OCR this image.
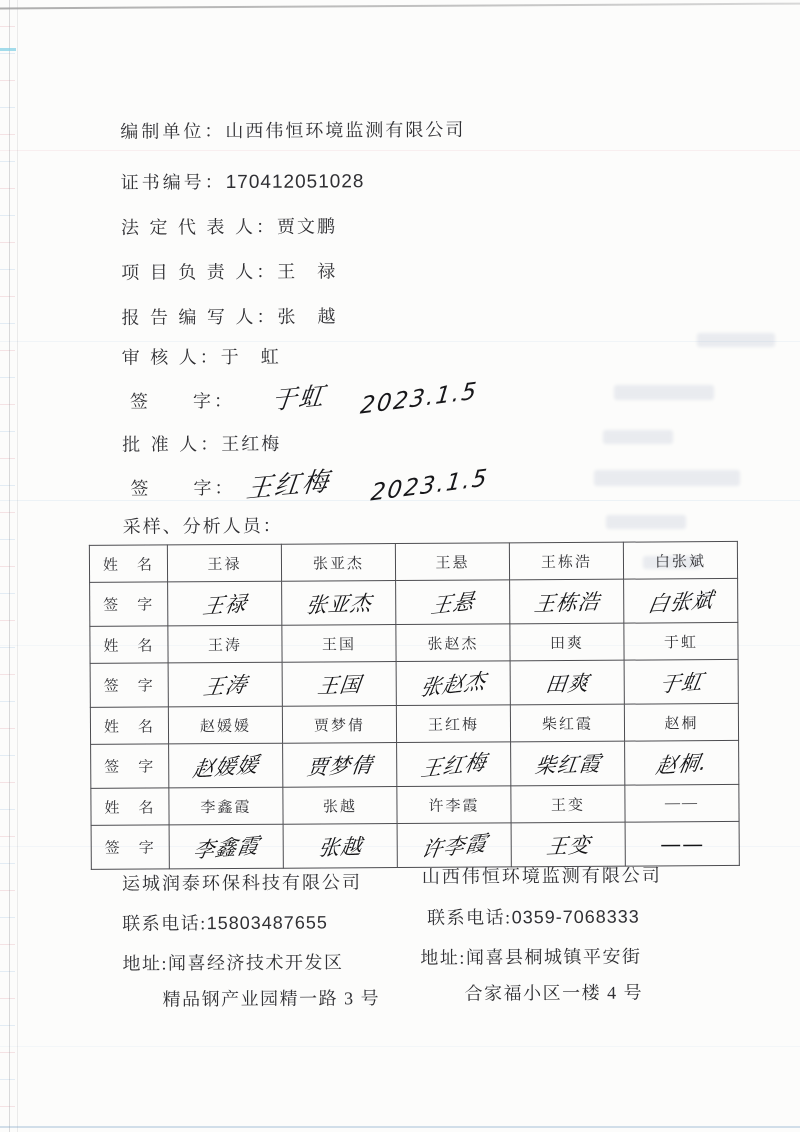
编制单位：山西伟恒环境监测有限公司
证书编号：170412051028
法 定 代 表 人：贾文鹏
项 目 负 责 人：王　禄
报 告 编 写 人：张　越
审 核 人：于　虹
签　　字： 于虹 2023.1.5
批 准 人：王红梅
签　　字： 王红梅 2023.1.5
采样、分析人员：
姓　名	王禄	张亚杰	王悬	王栋浩	白张斌
签　字	王禄	张亚杰	王悬	王栋浩	白张斌
姓　名	王涛	王国	张赵杰	田爽	于虹
签　字	王涛	王国	张赵杰	田爽	于虹
姓　名	赵媛媛	贾梦倩	王红梅	柴红霞	赵桐
签　字	赵媛媛	贾梦倩	王红梅	柴红霞	赵桐.
姓　名	李鑫霞	张越	许李霞	王变	——
签　字	李鑫霞	张越	许李霞	王变	——
运城润泰环保科技有限公司
联系电话:15803487655
地址:闻喜经济技术开发区
精品钢产业园精一路 3 号
山西伟恒环境监测有限公司
联系电话:0359-7068333
地址:闻喜县桐城镇平安街
合家福小区一楼 4 号
